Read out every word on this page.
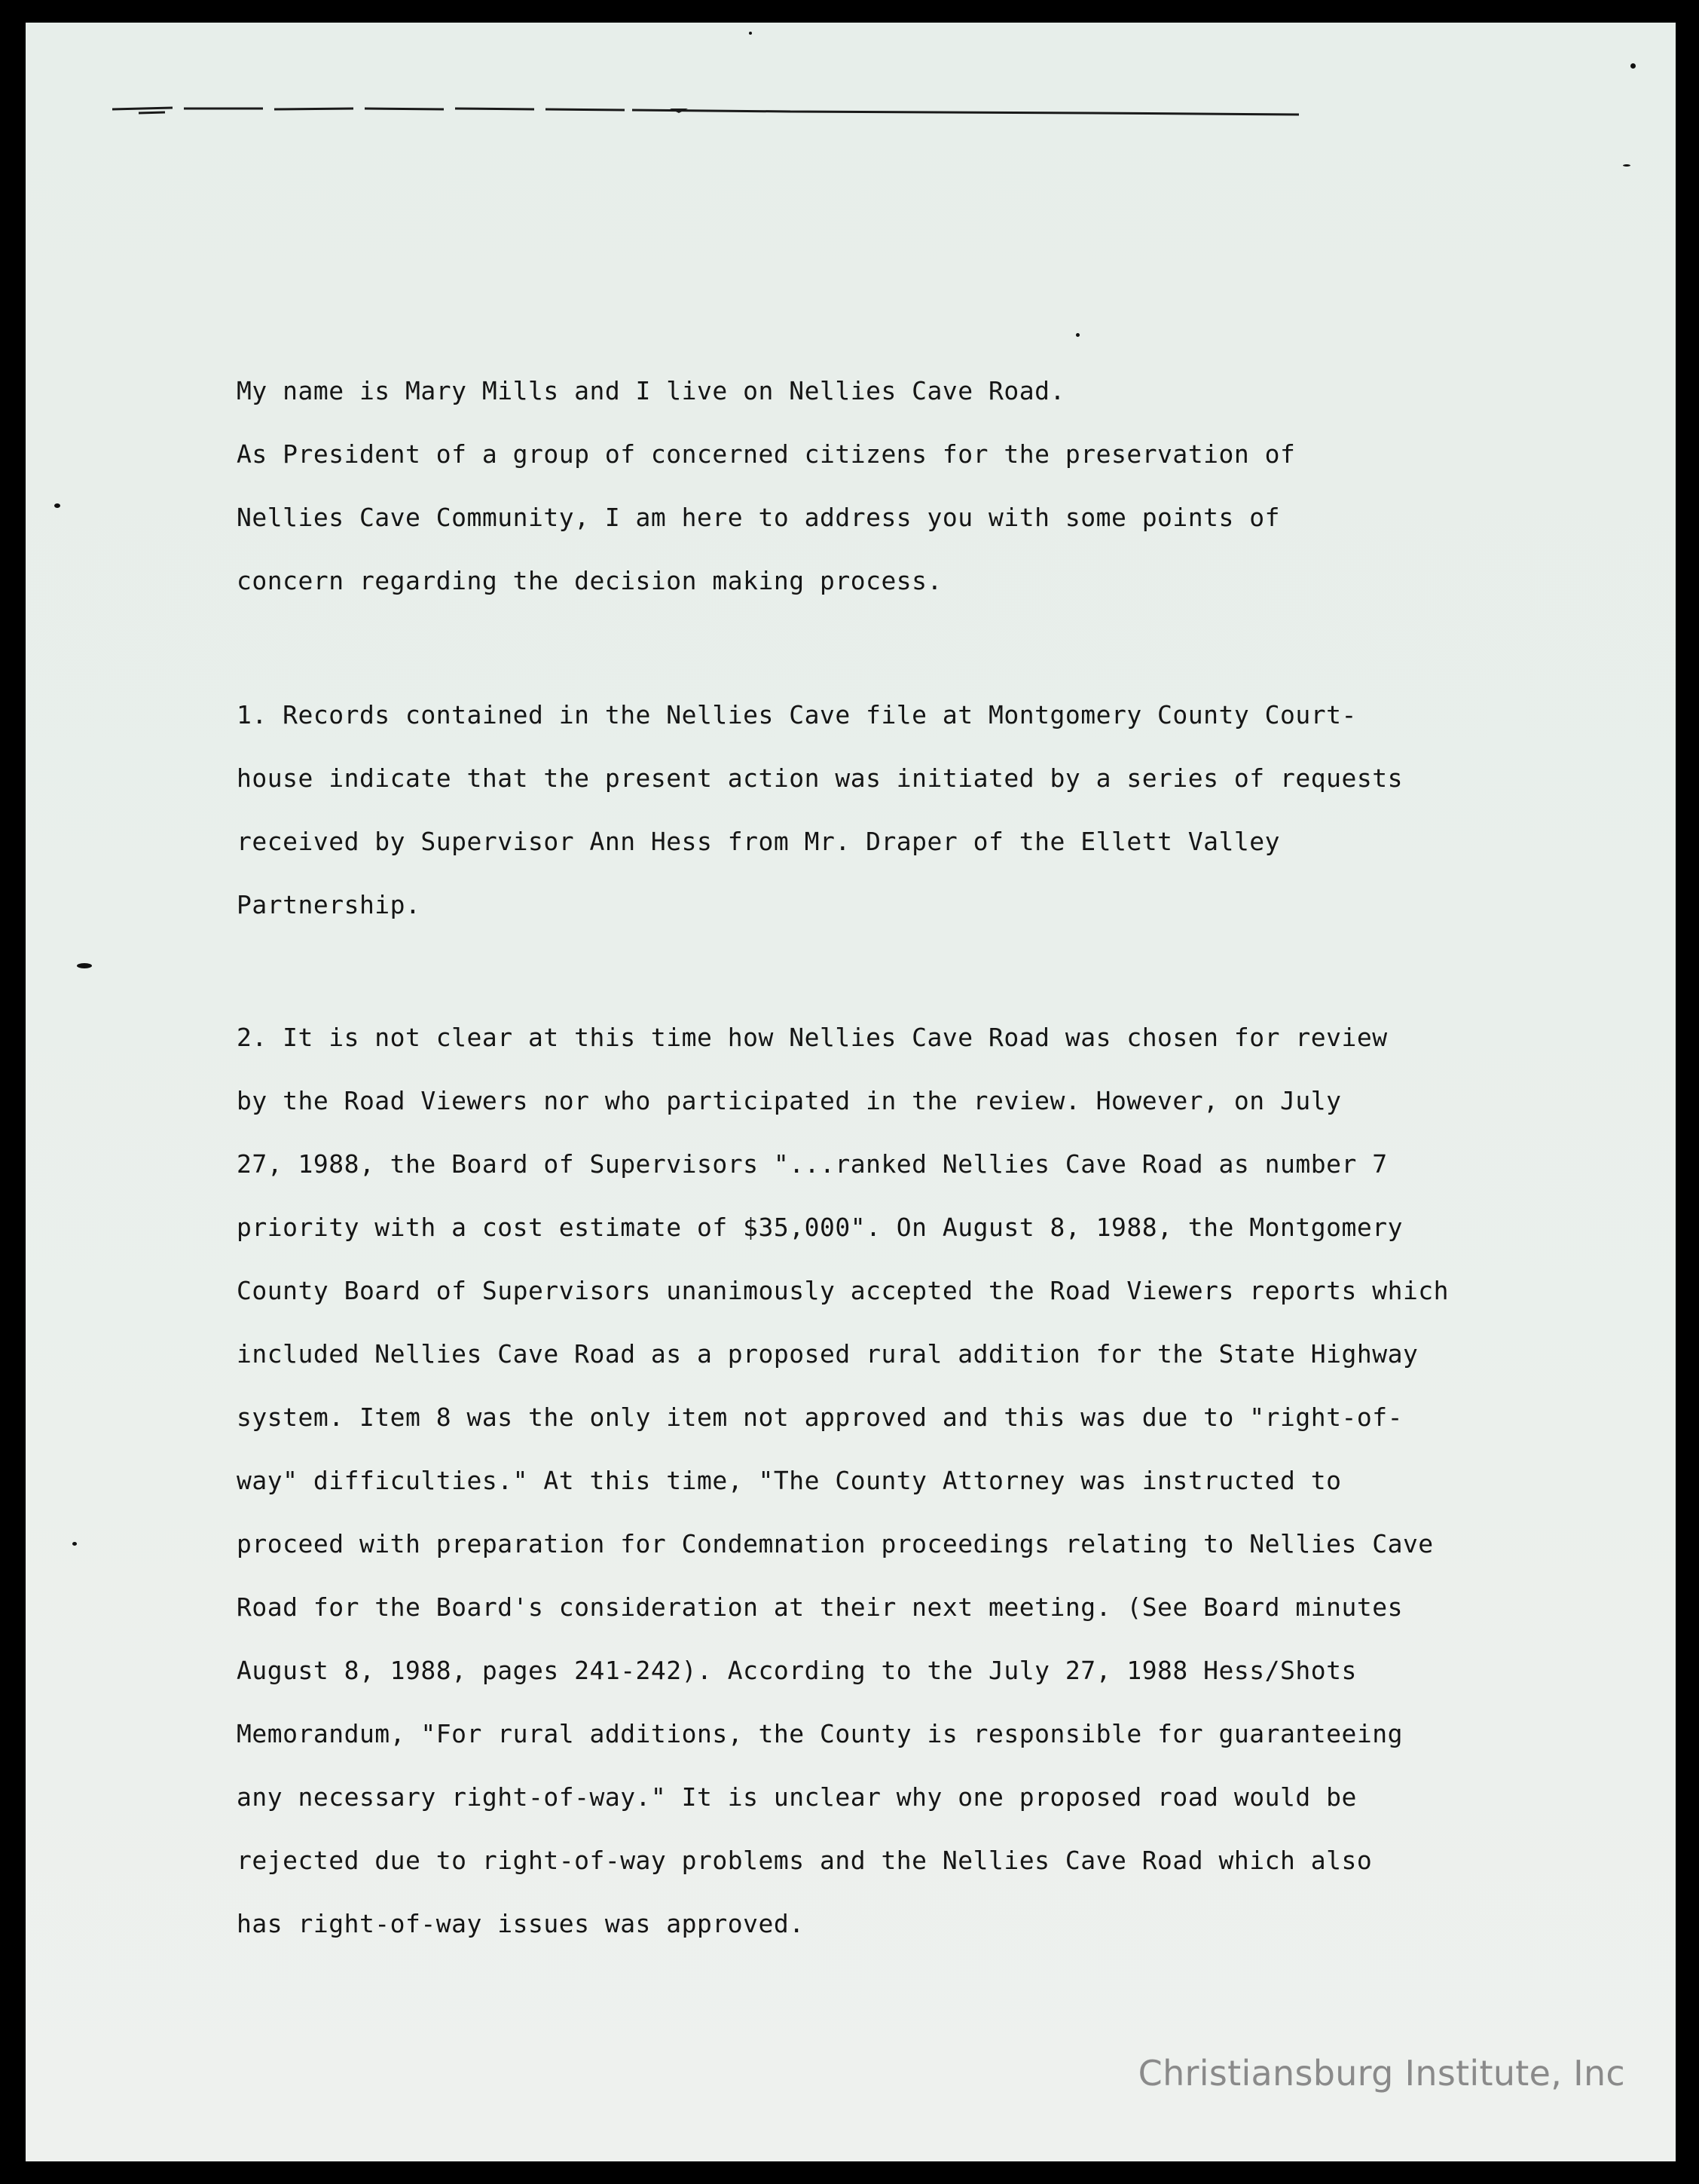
My name is Mary Mills and I live on Nellies Cave Road.
As President of a group of concerned citizens for the preservation of
Nellies Cave Community, I am here to address you with some points of
concern regarding the decision making process.
1. Records contained in the Nellies Cave file at Montgomery County Court-
house indicate that the present action was initiated by a series of requests
received by Supervisor Ann Hess from Mr. Draper of the Ellett Valley
Partnership.
2. It is not clear at this time how Nellies Cave Road was chosen for review
by the Road Viewers nor who participated in the review. However, on July
27, 1988, the Board of Supervisors "...ranked Nellies Cave Road as number 7
priority with a cost estimate of $35,000". On August 8, 1988, the Montgomery
County Board of Supervisors unanimously accepted the Road Viewers reports which
included Nellies Cave Road as a proposed rural addition for the State Highway
system. Item 8 was the only item not approved and this was due to "right-of-
way" difficulties." At this time, "The County Attorney was instructed to
proceed with preparation for Condemnation proceedings relating to Nellies Cave
Road for the Board's consideration at their next meeting. (See Board minutes
August 8, 1988, pages 241-242). According to the July 27, 1988 Hess/Shots
Memorandum, "For rural additions, the County is responsible for guaranteeing
any necessary right-of-way." It is unclear why one proposed road would be
rejected due to right-of-way problems and the Nellies Cave Road which also
has right-of-way issues was approved.
Christiansburg Institute, Inc
